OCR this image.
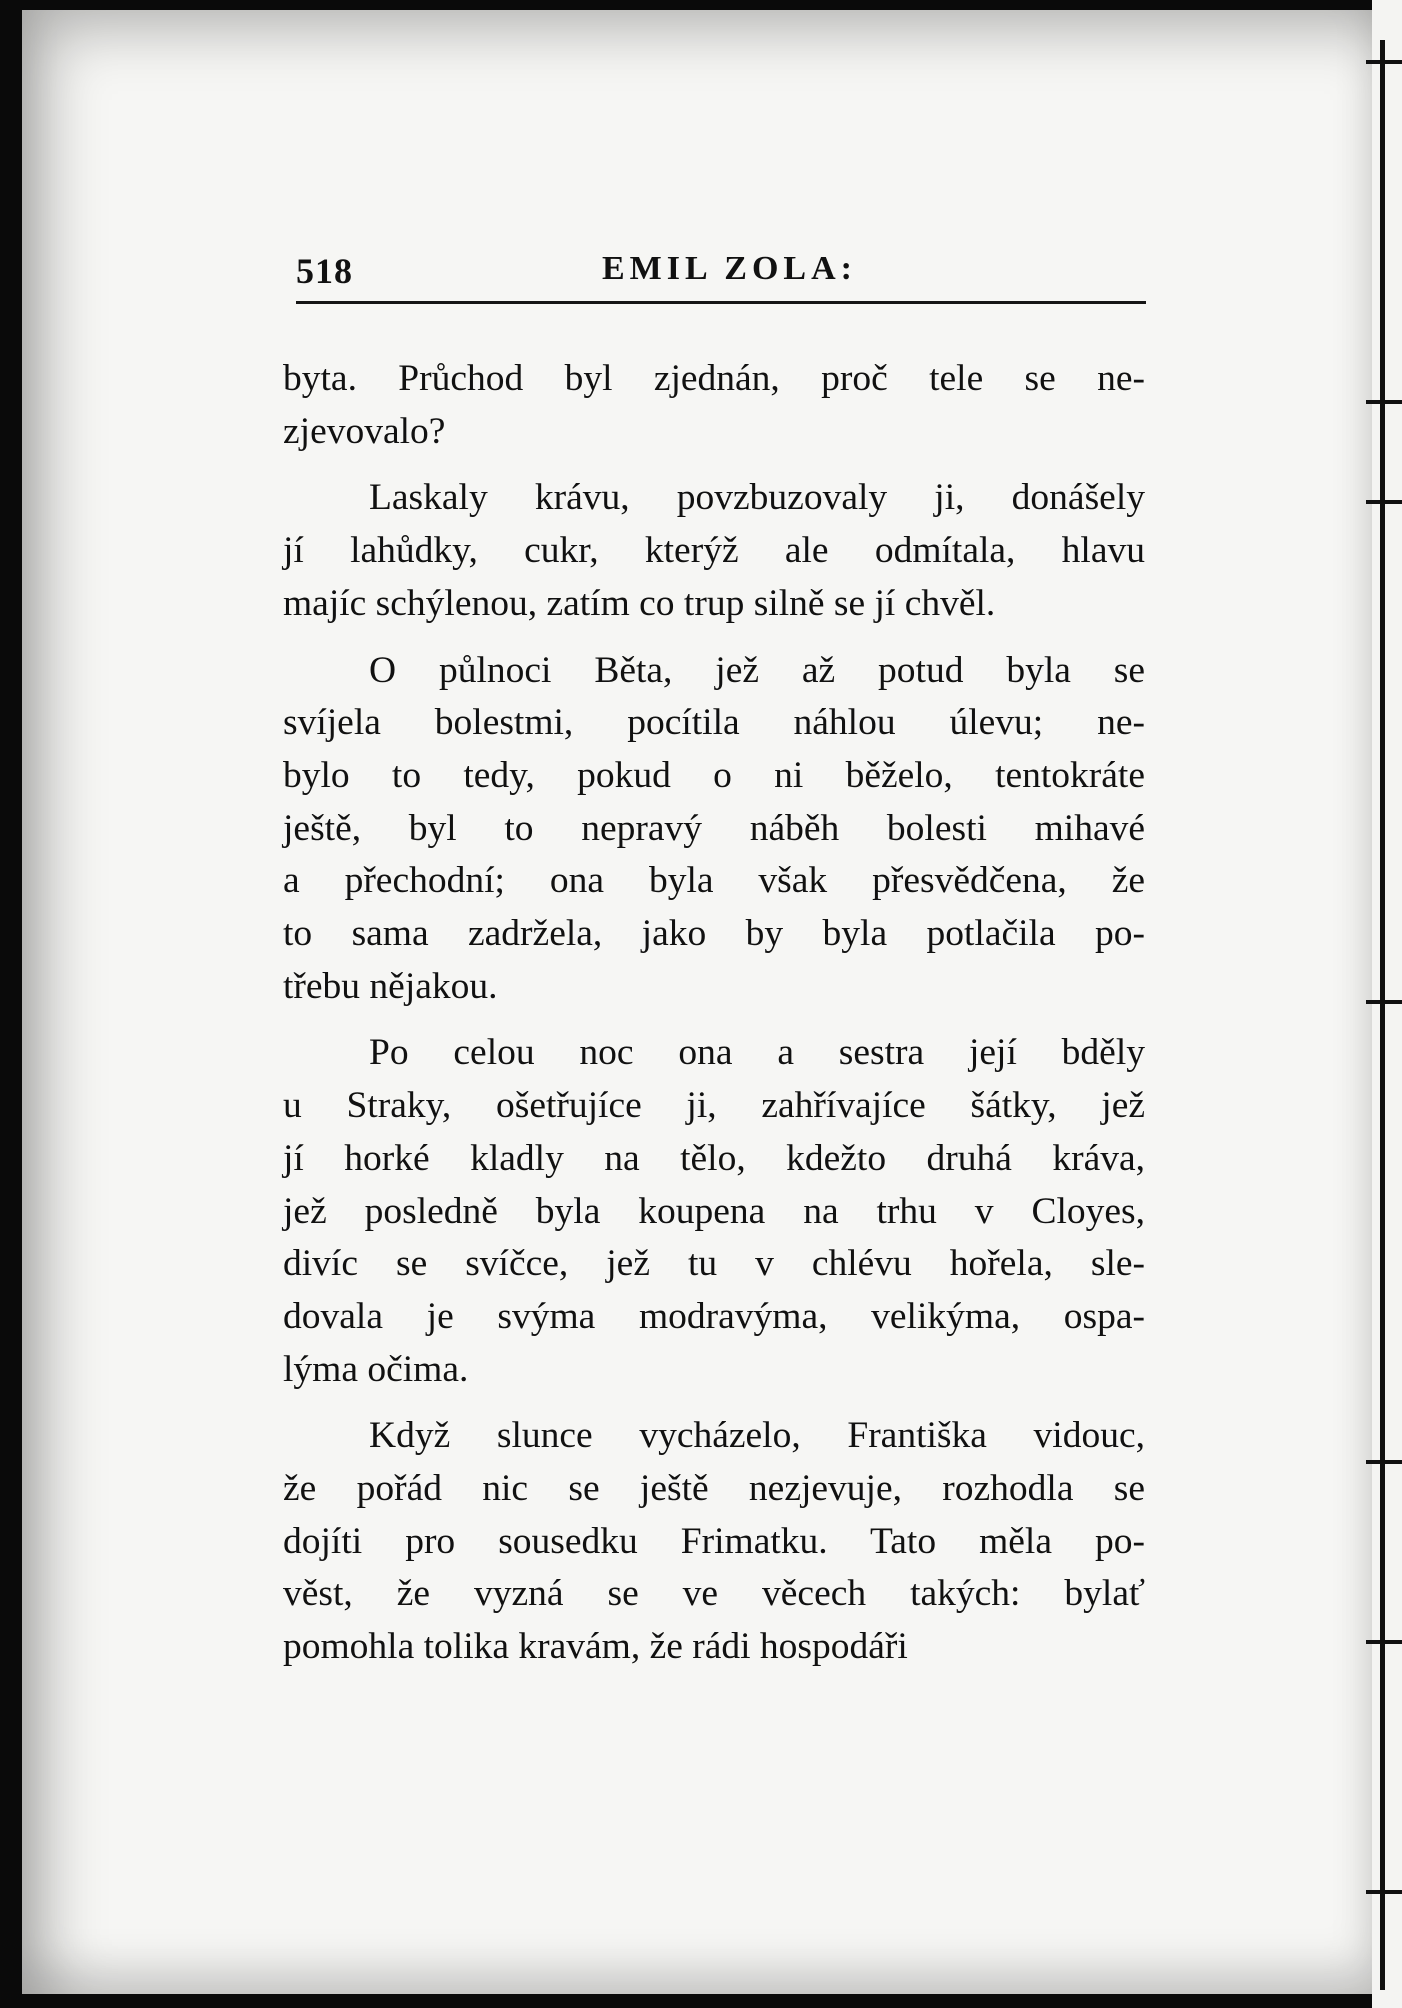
518	EMIL ZOLA:
byta. Průchod byl zjednán, proč tele se ne-
zjevovalo?
Laskaly krávu, povzbuzovaly ji, donášely
jí lahůdky, cukr, kterýž ale odmítala, hlavu
majíc schýlenou, zatím co trup silně se jí chvěl.
O půlnoci Běta, jež až potud byla se
svíjela bolestmi, pocítila náhlou úlevu; ne-
bylo to tedy, pokud o ni běželo, tentokráte
ještě, byl to nepravý náběh bolesti mihavé
a přechodní; ona byla však přesvědčena, že
to sama zadržela, jako by byla potlačila po-
třebu nějakou.
Po celou noc ona a sestra její bděly
u Straky, ošetřujíce ji, zahřívajíce šátky, jež
jí horké kladly na tělo, kdežto druhá kráva,
jež posledně byla koupena na trhu v Cloyes,
divíc se svíčce, jež tu v chlévu hořela, sle-
dovala je svýma modravýma, velikýma, ospa-
lýma očima.
Když slunce vycházelo, Františka vidouc,
že pořád nic se ještě nezjevuje, rozhodla se
dojíti pro sousedku Frimatku. Tato měla po-
věst, že vyzná se ve věcech takých: bylať
pomohla tolika kravám, že rádi hospodáři
